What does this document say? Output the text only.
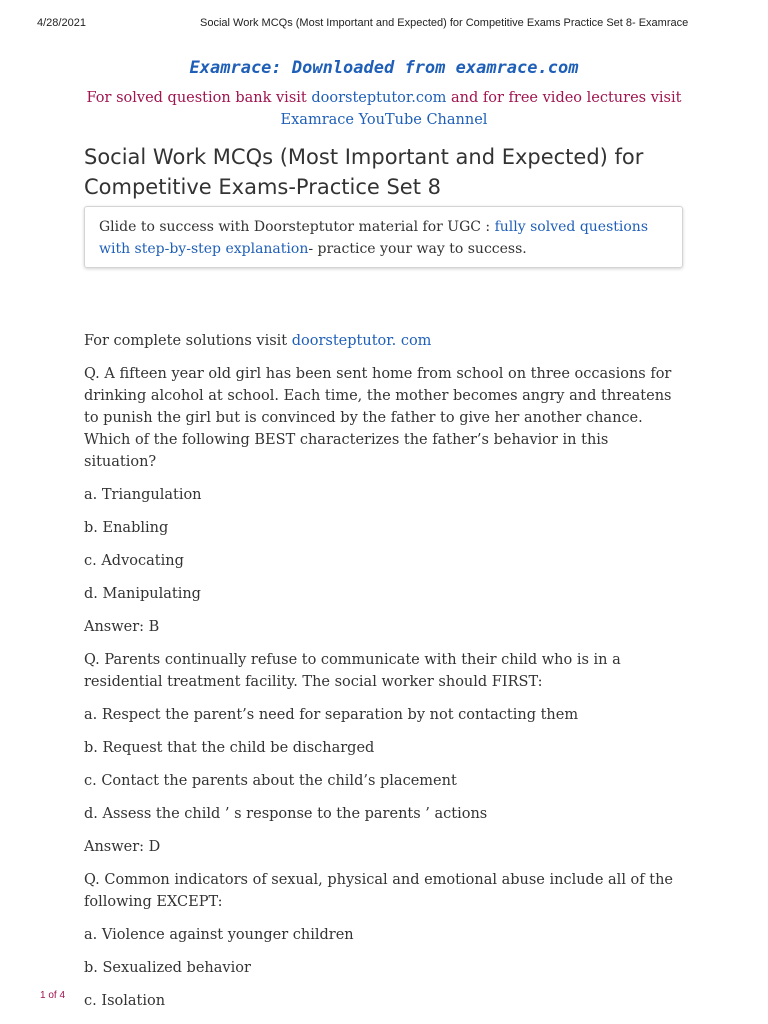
4/28/2021	Social Work MCQs (Most Important and Expected) for Competitive Exams Practice Set 8- Examrace
Examrace: Downloaded from examrace.com
For solved question bank visit doorsteptutor.com and for free video lectures visit
Examrace YouTube Channel
Social Work MCQs (Most Important and Expected) for Competitive Exams-Practice Set 8
Glide to success with Doorsteptutor material for UGC : fully solved questions with step-by-step explanation- practice your way to success.

For complete solutions visit doorsteptutor. com

Q. A fifteen year old girl has been sent home from school on three occasions for drinking alcohol at school. Each time, the mother becomes angry and threatens to punish the girl but is convinced by the father to give her another chance. Which of the following BEST characterizes the father’s behavior in this situation?

a. Triangulation

b. Enabling

c. Advocating

d. Manipulating

Answer: B

Q. Parents continually refuse to communicate with their child who is in a residential treatment facility. The social worker should FIRST:

a. Respect the parent’s need for separation by not contacting them

b. Request that the child be discharged

c. Contact the parents about the child’s placement

d. Assess the child ’ s response to the parents ’ actions

Answer: D

Q. Common indicators of sexual, physical and emotional abuse include all of the following EXCEPT:

a. Violence against younger children

b. Sexualized behavior

c. Isolation

1 of 4
